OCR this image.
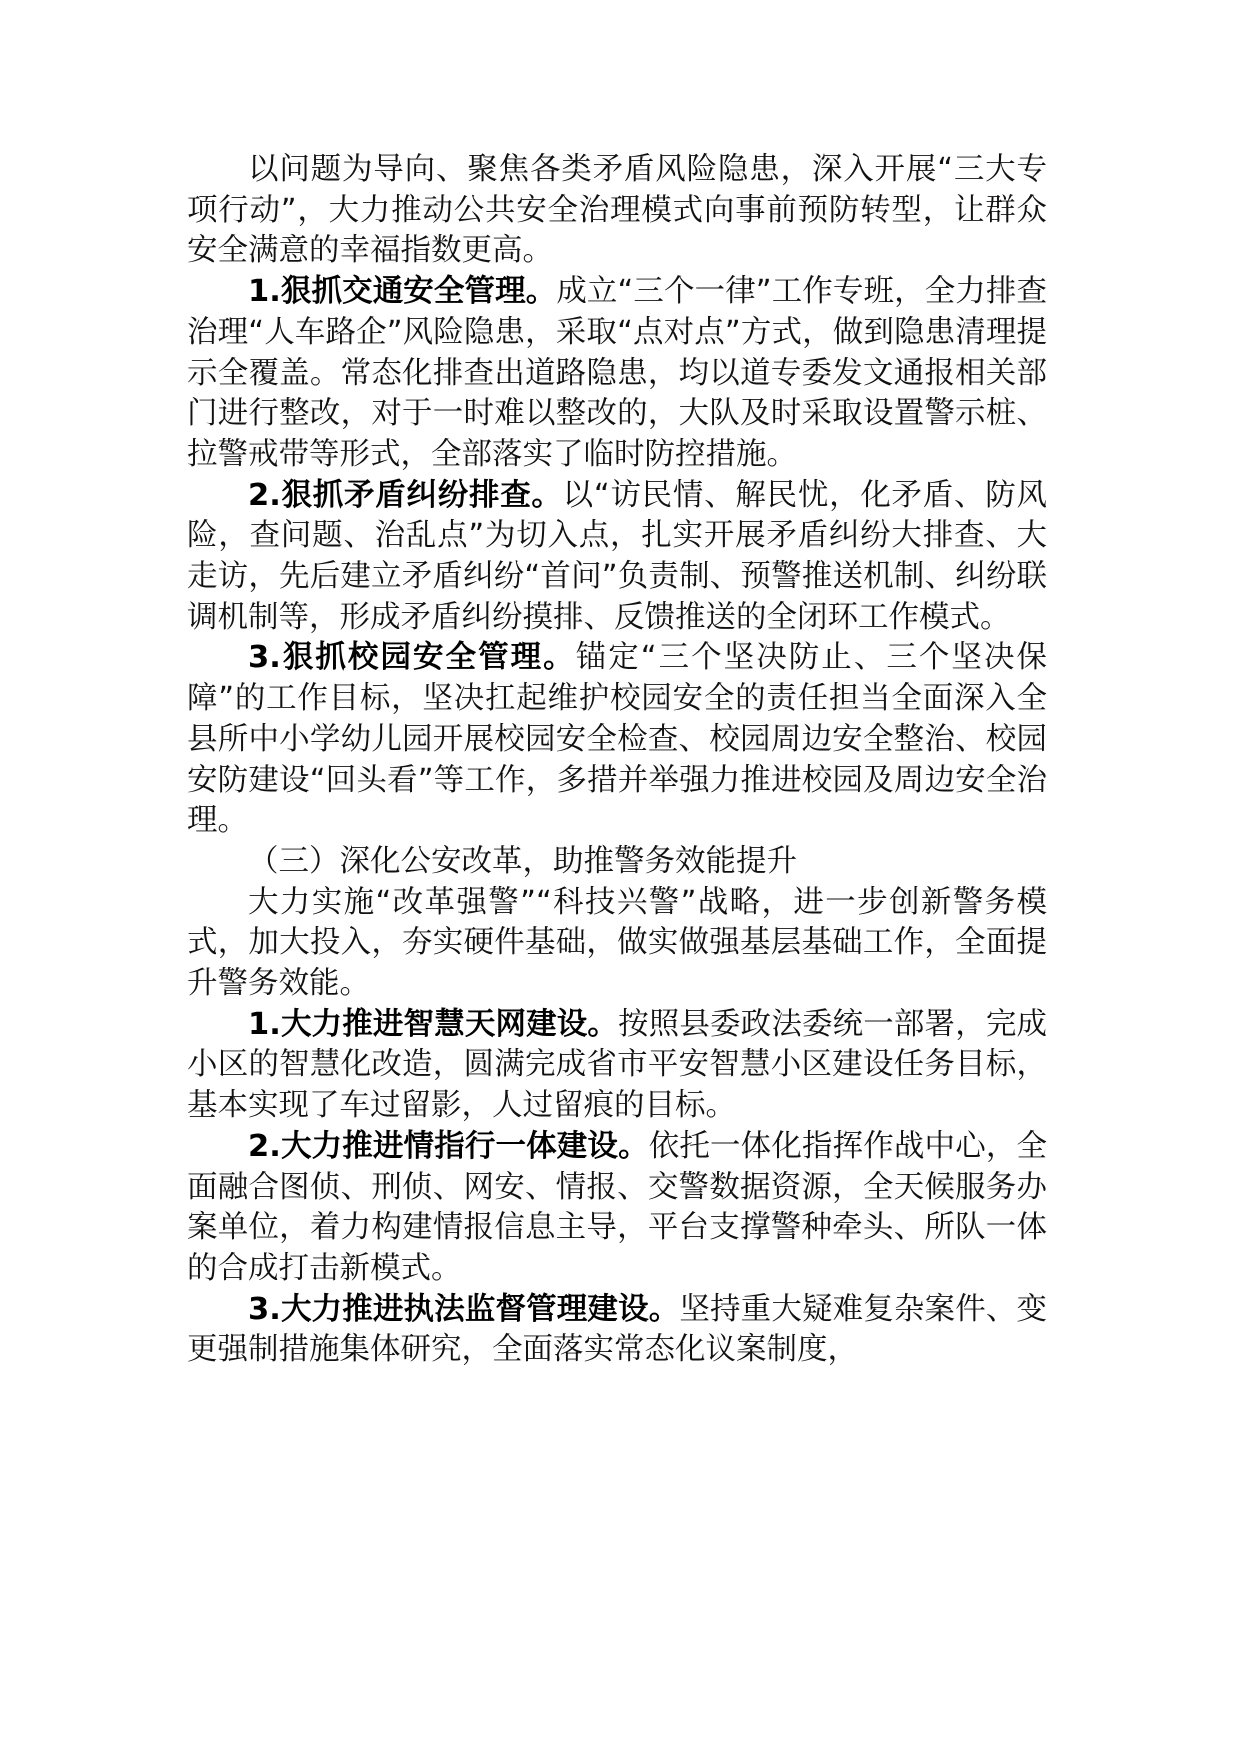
以问题为导向、聚焦各类矛盾风险隐患，深入开展“三大专项行动”，大力推动公共安全治理模式向事前预防转型，让群众安全满意的幸福指数更高。

1.狠抓交通安全管理。成立“三个一律”工作专班，全力排查治理“人车路企”风险隐患，采取“点对点”方式，做到隐患清理提示全覆盖。常态化排查出道路隐患，均以道专委发文通报相关部门进行整改，对于一时难以整改的，大队及时采取设置警示桩、拉警戒带等形式，全部落实了临时防控措施。

2.狠抓矛盾纠纷排查。以“访民情、解民忧，化矛盾、防风险，查问题、治乱点”为切入点，扎实开展矛盾纠纷大排查、大走访，先后建立矛盾纠纷“首问”负责制、预警推送机制、纠纷联调机制等，形成矛盾纠纷摸排、反馈推送的全闭环工作模式。

3.狠抓校园安全管理。锚定“三个坚决防止、三个坚决保障”的工作目标，坚决扛起维护校园安全的责任担当全面深入全县所中小学幼儿园开展校园安全检查、校园周边安全整治、校园安防建设“回头看”等工作，多措并举强力推进校园及周边安全治理。

（三）深化公安改革，助推警务效能提升

大力实施“改革强警”“科技兴警”战略，进一步创新警务模式，加大投入，夯实硬件基础，做实做强基层基础工作，全面提升警务效能。

1.大力推进智慧天网建设。按照县委政法委统一部署，完成小区的智慧化改造，圆满完成省市平安智慧小区建设任务目标，基本实现了车过留影，人过留痕的目标。

2.大力推进情指行一体建设。依托一体化指挥作战中心，全面融合图侦、刑侦、网安、情报、交警数据资源，全天候服务办案单位，着力构建情报信息主导，平台支撑警种牵头、所队一体的合成打击新模式。

3.大力推进执法监督管理建设。坚持重大疑难复杂案件、变更强制措施集体研究，全面落实常态化议案制度，
